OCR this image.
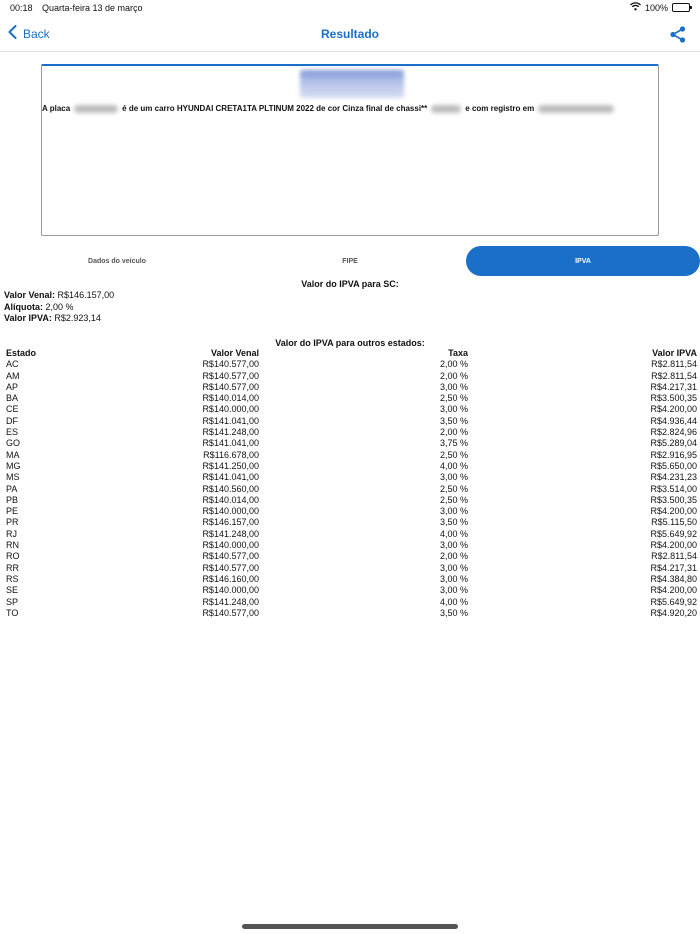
00:18 Quarta-feira 13 de março	100%
Back	Resultado
A placa	é de um carro HYUNDAI CRETA1TA PLTINUM 2022 de cor Cinza final de chassi**	e com registro em
Dados do veículo	FIPE	IPVA
Valor do IPVA para SC:
Valor Venal: R$146.157,00
Alíquota: 2,00 %
Valor IPVA: R$2.923,14
Valor do IPVA para outros estados:
Estado	Valor Venal	Taxa	Valor IPVA
AC	R$140.577,00	2,00 %	R$2.811,54
AM	R$140.577,00	2,00 %	R$2.811,54
AP	R$140.577,00	3,00 %	R$4.217,31
BA	R$140.014,00	2,50 %	R$3.500,35
CE	R$140.000,00	3,00 %	R$4.200,00
DF	R$141.041,00	3,50 %	R$4.936,44
ES	R$141.248,00	2,00 %	R$2.824,96
GO	R$141.041,00	3,75 %	R$5.289,04
MA	R$116.678,00	2,50 %	R$2.916,95
MG	R$141.250,00	4,00 %	R$5.650,00
MS	R$141.041,00	3,00 %	R$4.231,23
PA	R$140.560,00	2,50 %	R$3.514,00
PB	R$140.014,00	2,50 %	R$3.500,35
PE	R$140.000,00	3,00 %	R$4.200,00
PR	R$146.157,00	3,50 %	R$5.115,50
RJ	R$141.248,00	4,00 %	R$5.649,92
RN	R$140.000,00	3,00 %	R$4.200,00
RO	R$140.577,00	2,00 %	R$2.811,54
RR	R$140.577,00	3,00 %	R$4.217,31
RS	R$146.160,00	3,00 %	R$4.384,80
SE	R$140.000,00	3,00 %	R$4.200,00
SP	R$141.248,00	4,00 %	R$5.649,92
TO	R$140.577,00	3,50 %	R$4.920,20
